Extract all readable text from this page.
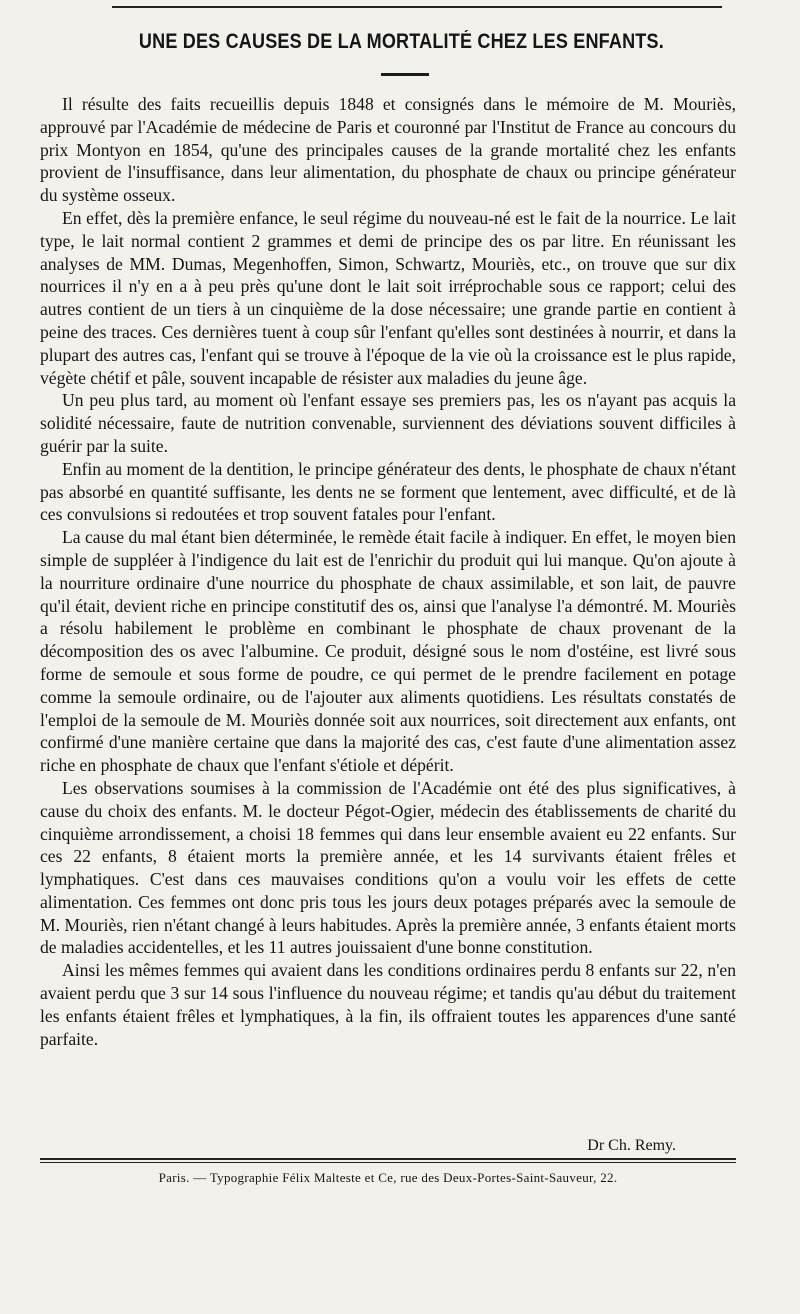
UNE DES CAUSES DE LA MORTALITÉ CHEZ LES ENFANTS.

Il résulte des faits recueillis depuis 1848 et consignés dans le mémoire de M. Mouriès, approuvé par l'Académie de médecine de Paris et couronné par l'Institut de France au concours du prix Montyon en 1854, qu'une des principales causes de la grande mortalité chez les enfants provient de l'insuffisance, dans leur alimentation, du phosphate de chaux ou principe générateur du système osseux.

En effet, dès la première enfance, le seul régime du nouveau-né est le fait de la nourrice. Le lait type, le lait normal contient 2 grammes et demi de principe des os par litre. En réunissant les analyses de MM. Dumas, Megenhoffen, Simon, Schwartz, Mouriès, etc., on trouve que sur dix nourrices il n'y en a à peu près qu'une dont le lait soit irréprochable sous ce rapport; celui des autres contient de un tiers à un cinquième de la dose nécessaire; une grande partie en contient à peine des traces. Ces dernières tuent à coup sûr l'enfant qu'elles sont destinées à nourrir, et dans la plupart des autres cas, l'enfant qui se trouve à l'époque de la vie où la croissance est le plus rapide, végète chétif et pâle, souvent incapable de résister aux maladies du jeune âge.

Un peu plus tard, au moment où l'enfant essaye ses premiers pas, les os n'ayant pas acquis la solidité nécessaire, faute de nutrition convenable, surviennent des déviations souvent difficiles à guérir par la suite.

Enfin au moment de la dentition, le principe générateur des dents, le phosphate de chaux n'étant pas absorbé en quantité suffisante, les dents ne se forment que lentement, avec difficulté, et de là ces convulsions si redoutées et trop souvent fatales pour l'enfant.

La cause du mal étant bien déterminée, le remède était facile à indiquer. En effet, le moyen bien simple de suppléer à l'indigence du lait est de l'enrichir du produit qui lui manque. Qu'on ajoute à la nourriture ordinaire d'une nourrice du phosphate de chaux assimilable, et son lait, de pauvre qu'il était, devient riche en principe constitutif des os, ainsi que l'analyse l'a démontré. M. Mouriès a résolu habilement le problème en combinant le phosphate de chaux provenant de la décomposition des os avec l'albumine. Ce produit, désigné sous le nom d'ostéine, est livré sous forme de semoule et sous forme de poudre, ce qui permet de le prendre facilement en potage comme la semoule ordinaire, ou de l'ajouter aux aliments quotidiens. Les résultats constatés de l'emploi de la semoule de M. Mouriès donnée soit aux nourrices, soit directement aux enfants, ont confirmé d'une manière certaine que dans la majorité des cas, c'est faute d'une alimentation assez riche en phosphate de chaux que l'enfant s'étiole et dépérit.

Les observations soumises à la commission de l'Académie ont été des plus significatives, à cause du choix des enfants. M. le docteur Pégot-Ogier, médecin des établissements de charité du cinquième arrondissement, a choisi 18 femmes qui dans leur ensemble avaient eu 22 enfants. Sur ces 22 enfants, 8 étaient morts la première année, et les 14 survivants étaient frêles et lymphatiques. C'est dans ces mauvaises conditions qu'on a voulu voir les effets de cette alimentation. Ces femmes ont donc pris tous les jours deux potages préparés avec la semoule de M. Mouriès, rien n'étant changé à leurs habitudes. Après la première année, 3 enfants étaient morts de maladies accidentelles, et les 11 autres jouissaient d'une bonne constitution.

Ainsi les mêmes femmes qui avaient dans les conditions ordinaires perdu 8 enfants sur 22, n'en avaient perdu que 3 sur 14 sous l'influence du nouveau régime; et tandis qu'au début du traitement les enfants étaient frêles et lymphatiques, à la fin, ils offraient toutes les apparences d'une santé parfaite.

Dr Ch. Remy.
Paris. — Typographie Félix Malteste et Ce, rue des Deux-Portes-Saint-Sauveur, 22.
